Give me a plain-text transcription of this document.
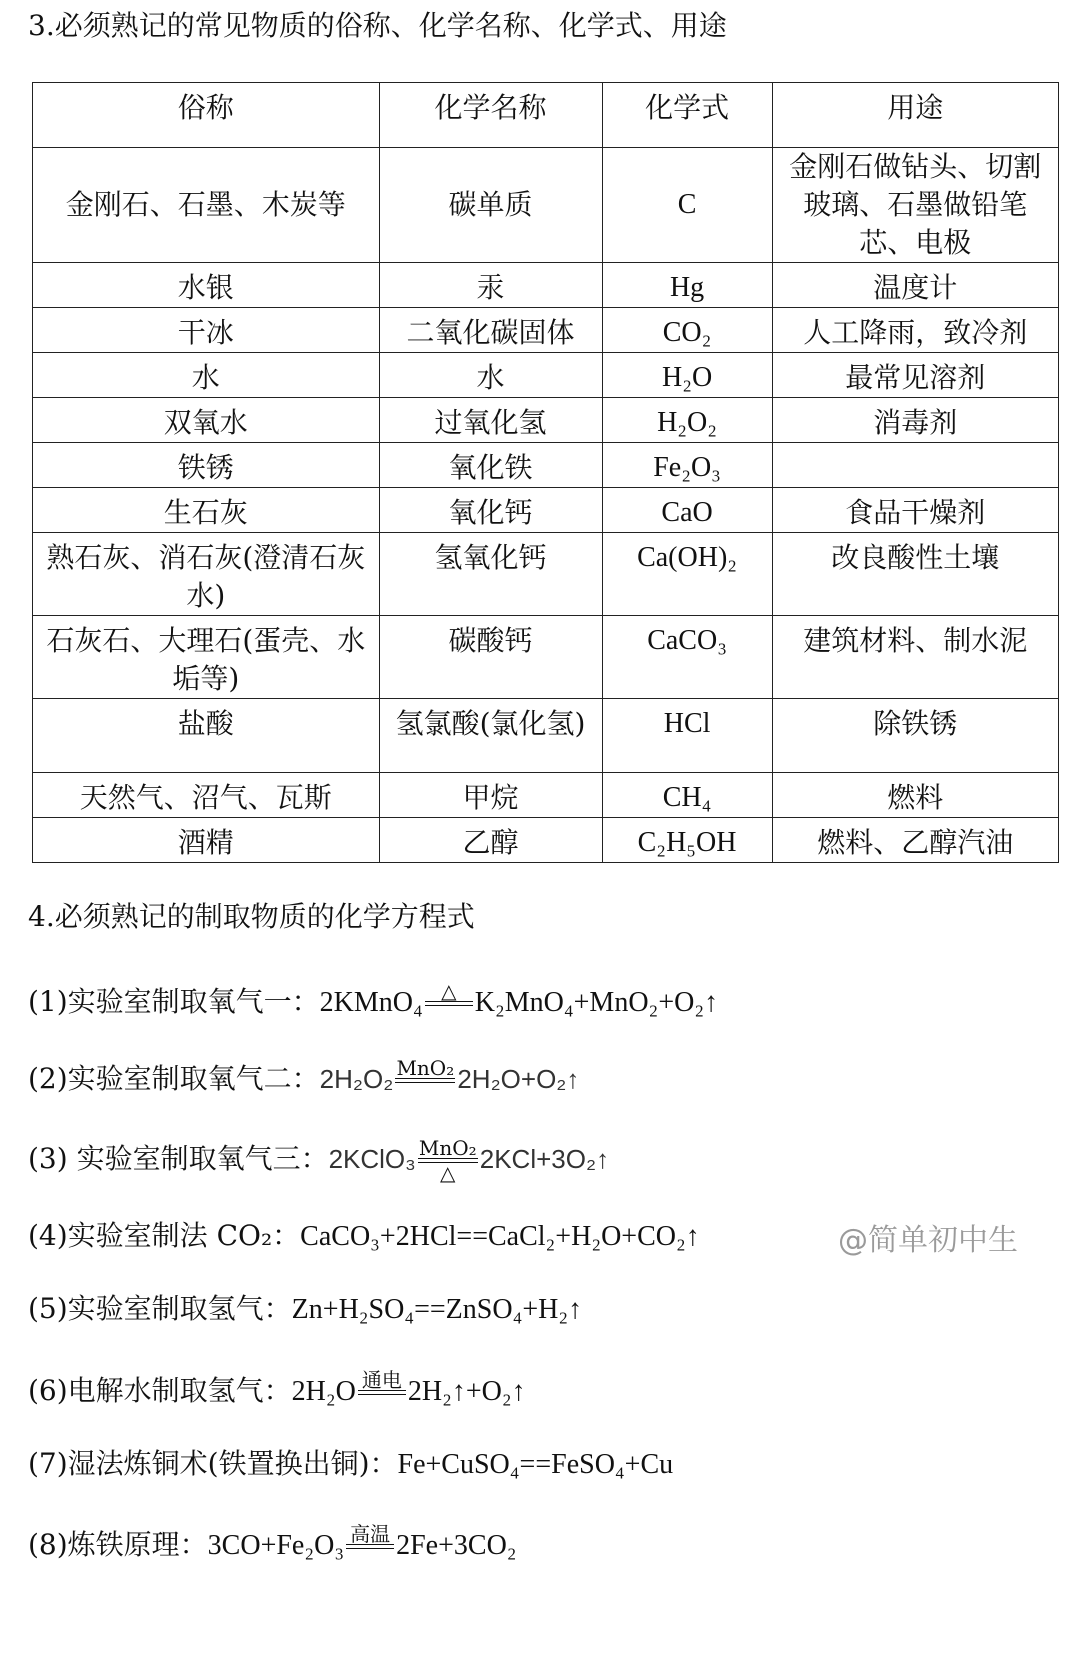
3.必须熟记的常见物质的俗称、化学名称、化学式、用途
俗称	化学名称	化学式	用途
金刚石、石墨、木炭等	碳单质	C	金刚石做钻头、切割玻璃、石墨做铅笔芯、电极
水银	汞	Hg	温度计
干冰	二氧化碳固体	CO₂	人工降雨，致冷剂
水	水	H₂O	最常见溶剂
双氧水	过氧化氢	H₂O₂	消毒剂
铁锈	氧化铁	Fe₂O₃	
生石灰	氧化钙	CaO	食品干燥剂
熟石灰、消石灰(澄清石灰水)	氢氧化钙	Ca(OH)₂	改良酸性土壤
石灰石、大理石(蛋壳、水垢等)	碳酸钙	CaCO₃	建筑材料、制水泥
盐酸	氢氯酸(氯化氢)	HCl	除铁锈
天然气、沼气、瓦斯	甲烷	CH₄	燃料
酒精	乙醇	C₂H₅OH	燃料、乙醇汽油
4.必须熟记的制取物质的化学方程式
(1)实验室制取氧气一：2KMnO₄ △ K₂MnO₄+MnO₂+O₂↑
(2)实验室制取氧气二：2H₂O₂ MnO₂ 2H₂O+O₂↑
(3) 实验室制取氧气三：2KClO₃ MnO₂
△ 2KCl+3O₂↑
(4)实验室制法 CO₂：CaCO₃+2HCl==CaCl₂+H₂O+CO₂↑
(5)实验室制取氢气：Zn+H₂SO₄==ZnSO₄+H₂↑
(6)电解水制取氢气：2H₂O 通电 2H₂↑+O₂↑
(7)湿法炼铜术(铁置换出铜)：Fe+CuSO₄==FeSO₄+Cu
(8)炼铁原理：3CO+Fe₂O₃ 高温 2Fe+3CO₂
@简单初中生
